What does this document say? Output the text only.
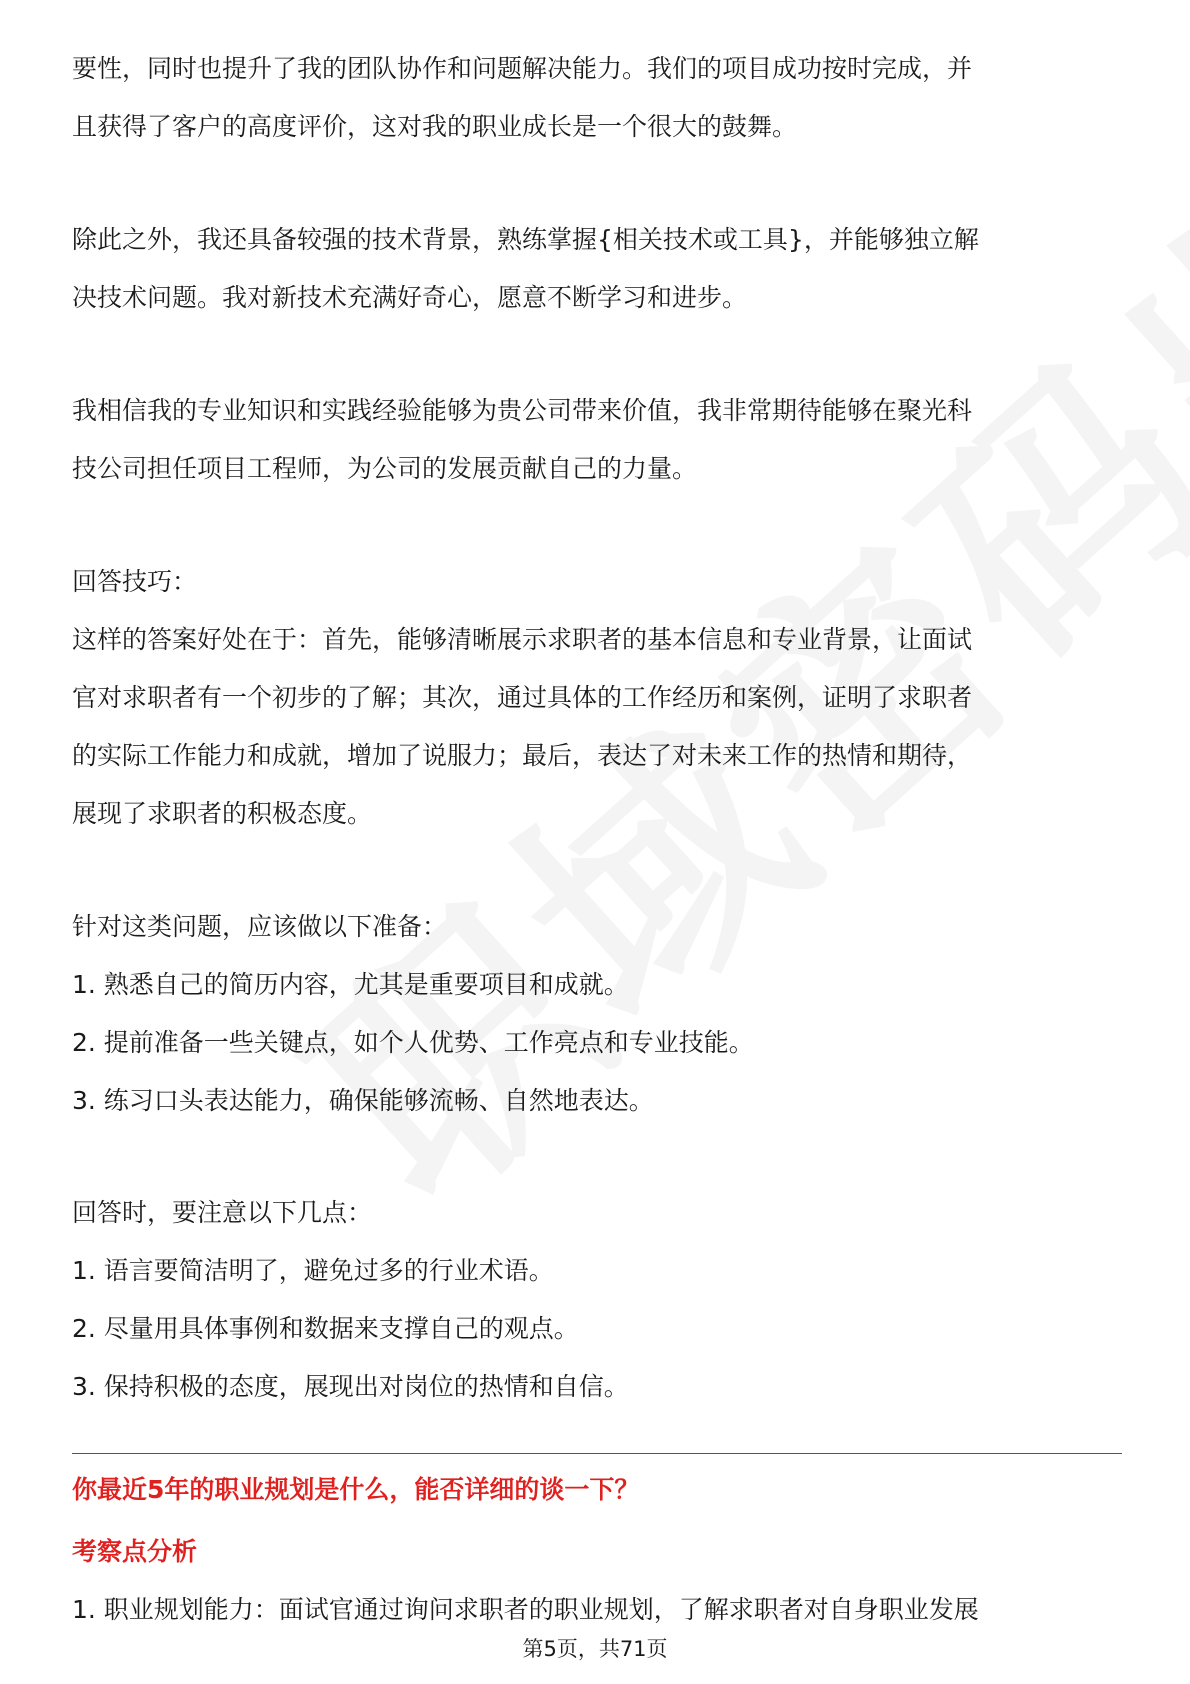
要性，同时也提升了我的团队协作和问题解决能力。我们的项目成功按时完成，并

且获得了客户的高度评价，这对我的职业成长是一个很大的鼓舞。

除此之外，我还具备较强的技术背景，熟练掌握{相关技术或工具}，并能够独立解

决技术问题。我对新技术充满好奇心，愿意不断学习和进步。

我相信我的专业知识和实践经验能够为贵公司带来价值，我非常期待能够在聚光科

技公司担任项目工程师，为公司的发展贡献自己的力量。

回答技巧：

这样的答案好处在于：首先，能够清晰展示求职者的基本信息和专业背景，让面试

官对求职者有一个初步的了解；其次，通过具体的工作经历和案例，证明了求职者

的实际工作能力和成就，增加了说服力；最后，表达了对未来工作的热情和期待，

展现了求职者的积极态度。

针对这类问题，应该做以下准备：

1. 熟悉自己的简历内容，尤其是重要项目和成就。

2. 提前准备一些关键点，如个人优势、工作亮点和专业技能。

3. 练习口头表达能力，确保能够流畅、自然地表达。

回答时，要注意以下几点：

1. 语言要简洁明了，避免过多的行业术语。

2. 尽量用具体事例和数据来支撑自己的观点。

3. 保持积极的态度，展现出对岗位的热情和自信。

你最近5年的职业规划是什么，能否详细的谈一下？
考察点分析
1. 职业规划能力：面试官通过询问求职者的职业规划，了解求职者对自身职业发展
第5页，共71页
